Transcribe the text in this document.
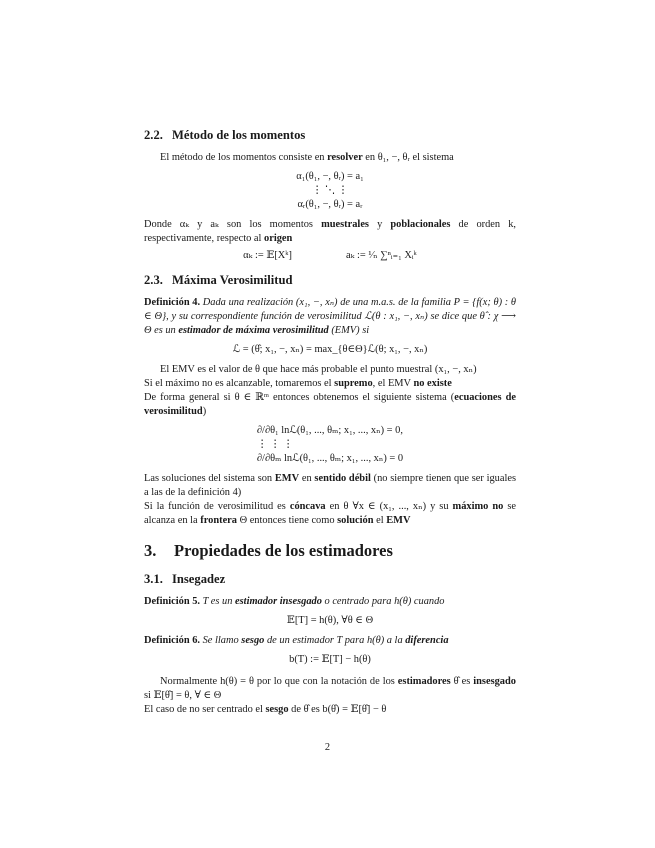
2.2. Método de los momentos

El método de los momentos consiste en resolver en θ₁, −, θᵣ el sistema

α₁(θ₁, −, θᵣ) = a₁
⋮ ⋱ ⋮
αᵣ(θ₁, −, θᵣ) = aᵣ

Donde αₖ y aₖ son los momentos muestrales y poblacionales de orden k, respectivamente, respecto al origen

αₖ := 𝔼[Xᵏ]	aₖ := ¹⁄ₙ ∑ⁿᵢ₌₁ Xᵢᵏ
2.3. Máxima Verosimilitud

Definición 4. Dada una realización (x₁, −, xₙ) de una m.a.s. de la familia P = {f(x; θ) : θ ∈ Θ}, y su correspondiente función de verosimilitud ℒ(θ : x₁, −, xₙ) se dice que θ̂ : χ ⟶ Θ es un estimador de máxima verosimilitud (EMV) si

ℒ = (θ̂; x₁, −, xₙ) = max_{θ∈Θ}ℒ(θ; x₁, −, xₙ)

El EMV es el valor de θ que hace más probable el punto muestral (x₁, −, xₙ)

Si el máximo no es alcanzable, tomaremos el supremo, el EMV no existe

De forma general si θ ∈ ℝᵐ entonces obtenemos el siguiente sistema (ecuaciones de verosimilitud)

∂/∂θ₁ lnℒ(θ₁, ..., θₘ; x₁, ..., xₙ) = 0,
⋮ ⋮ ⋮
∂/∂θₘ lnℒ(θ₁, ..., θₘ; x₁, ..., xₙ) = 0

Las soluciones del sistema son EMV en sentido débil (no siempre tienen que ser iguales a las de la definición 4)

Si la función de verosimilitud es cóncava en θ ∀x ∈ (x₁, ..., xₙ) y su máximo no se alcanza en la frontera Θ entonces tiene como solución el EMV

3. Propiedades de los estimadores
3.1. Insegadez

Definición 5. T es un estimador insesgado o centrado para h(θ) cuando

𝔼[T] = h(θ), ∀θ ∈ Θ

Definición 6. Se llamo sesgo de un estimador T para h(θ) a la diferencia

b(T) := 𝔼[T] − h(θ)

Normalmente h(θ) = θ por lo que con la notación de los estimadores θ̂ es insesgado si 𝔼[θ̂] = θ, ∀ ∈ Θ

El caso de no ser centrado el sesgo de θ̂ es b(θ̂) = 𝔼[θ̂] − θ

2
